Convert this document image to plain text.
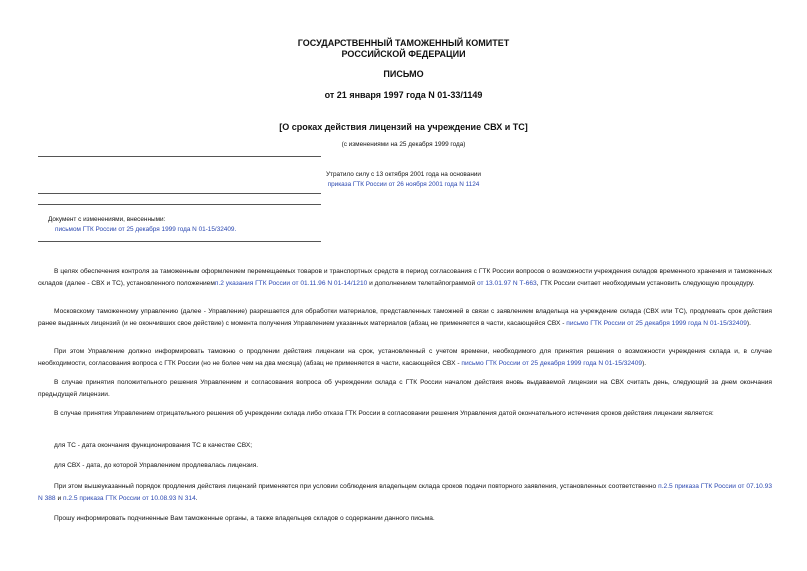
ГОСУДАРСТВЕННЫЙ ТАМОЖЕННЫЙ КОМИТЕТ
РОССИЙСКОЙ ФЕДЕРАЦИИ
ПИСЬМО
от 21 января 1997 года N 01-33/1149
[О сроках действия лицензий на учреждение СВХ и ТС]
(с изменениями на 25 декабря 1999 года)
Утратило силу с 13 октября 2001 года на основании
приказа ГТК России от 26 ноября 2001 года N 1124
Документ с изменениями, внесенными:
письмом ГТК России от 25 декабря 1999 года N 01-15/32409.
В целях обеспечения контроля за таможенным оформлением перемещаемых товаров и транспортных средств в период согласования с ГТК России вопросов о возможности учреждения складов временного хранения и таможенных складов (далее - СВХ и ТС), установленного положениемп.2 указания ГТК России от 01.11.96 N 01-14/1210 и дополнением телетайпограммой от 13.01.97 N Т-663, ГТК России считает необходимым установить следующую процедуру.
Московскому таможенному управлению (далее - Управление) разрешается для обработки материалов, представленных таможней в связи с заявлением владельца на учреждение склада (СВХ или ТС), продлевать срок действия ранее выданных лицензий (и не окончивших свое действие) с момента получения Управлением указанных материалов (абзац не применяется в части, касающейся СВХ - письмо ГТК России от 25 декабря 1999 года N 01-15/32409).
При этом Управление должно информировать таможню о продлении действия лицензии на срок, установленный с учетом времени, необходимого для принятия решения о возможности учреждения склада и, в случае необходимости, согласования вопроса с ГТК России (но не более чем на два месяца) (абзац не применяется в части, касающейся СВХ - письмо ГТК России от 25 декабря 1999 года N 01-15/32409).
В случае принятия положительного решения Управлением и согласования вопроса об учреждении склада с ГТК России началом действия вновь выдаваемой лицензии на СВХ считать день, следующий за днем окончания предыдущей лицензии.
В случае принятия Управлением отрицательного решения об учреждении склада либо отказа ГТК России в согласовании решения Управления датой окончательного истечения сроков действия лицензии является:
для ТС - дата окончания функционирования ТС в качестве СВХ;
для СВХ - дата, до которой Управлением продлевалась лицензия.
При этом вышеуказанный порядок продления действия лицензий применяется при условии соблюдения владельцем склада сроков подачи повторного заявления, установленных соответственно п.2.5 приказа ГТК России от 07.10.93 N 388 и п.2.5 приказа ГТК России от 10.08.93 N 314.
Прошу информировать подчиненные Вам таможенные органы, а также владельцев складов о содержании данного письма.
